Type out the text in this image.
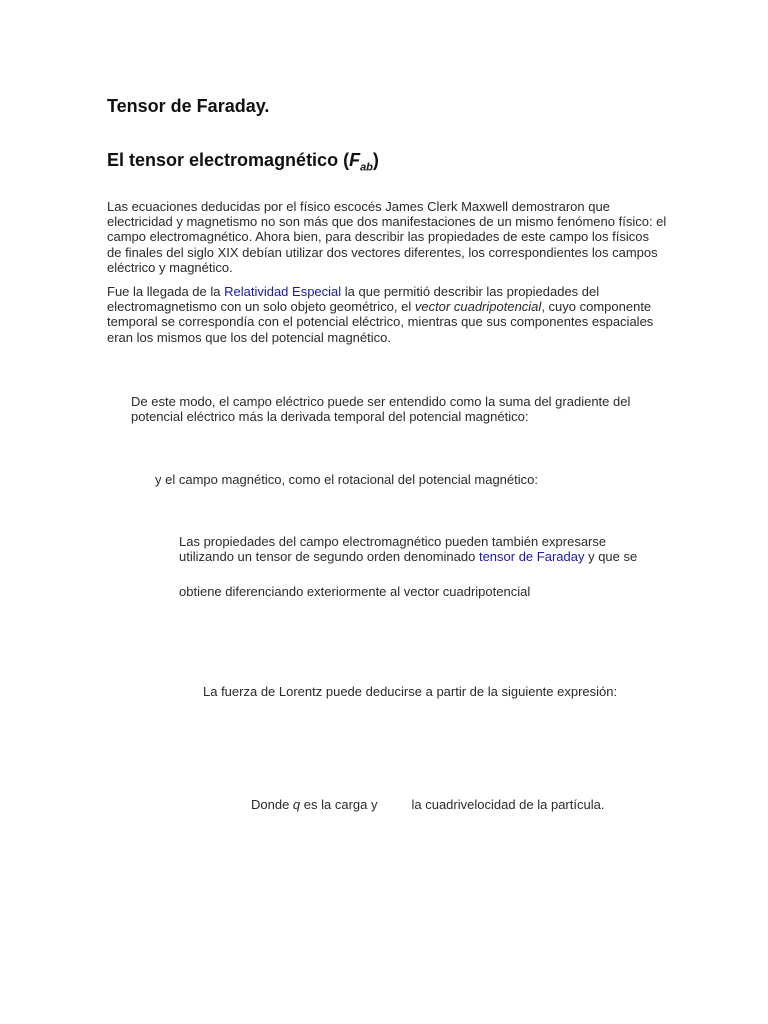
Tensor de Faraday.
El tensor electromagnético $(F_{ab})$

Las ecuaciones deducidas por el físico escocés James Clerk Maxwell demostraron que electricidad y magnetismo no son más que dos manifestaciones de un mismo fenómeno físico: el campo electromagnético. Ahora bien, para describir las propiedades de este campo los físicos de finales del siglo XIX debían utilizar dos vectores diferentes, los correspondientes los campos eléctrico y magnético.

Fue la llegada de la Relatividad Especial la que permitió describir las propiedades del electromagnetismo con un solo objeto geométrico, el vector cuadripotencial, cuyo componente temporal se correspondía con el potencial eléctrico, mientras que sus componentes espaciales eran los mismos que los del potencial magnético.

De este modo, el campo eléctrico puede ser entendido como la suma del gradiente del potencial eléctrico más la derivada temporal del potencial magnético:

y el campo magnético, como el rotacional del potencial magnético:

Las propiedades del campo electromagnético pueden también expresarse utilizando un tensor de segundo orden denominado tensor de Faraday y que se

obtiene diferenciando exteriormente al vector cuadripotencial

La fuerza de Lorentz puede deducirse a partir de la siguiente expresión:

Donde q es la carga y	la cuadrivelocidad de la partícula.
